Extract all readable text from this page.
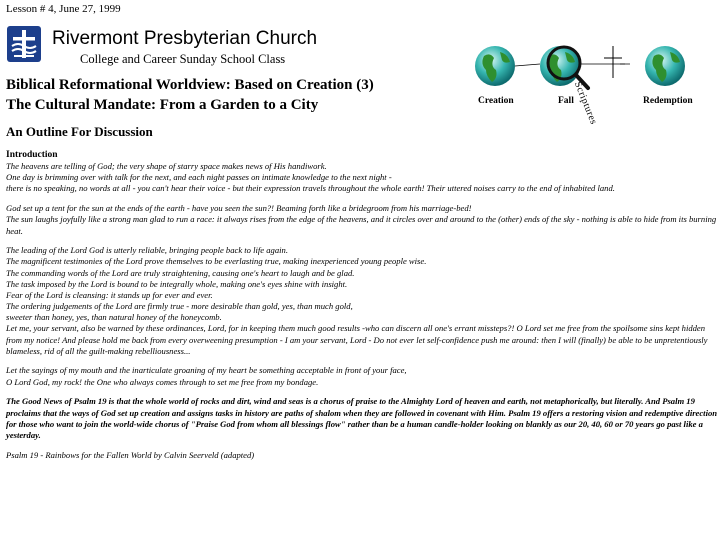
Lesson # 4, June 27, 1999
Rivermont Presbyterian Church
College and Career Sunday School Class
Biblical Reformational Worldview: Based on Creation (3)
The Cultural Mandate: From a Garden to a City	Creation	Fall	Redemption
Scriptures
An Outline For Discussion
Introduction

The heavens are telling of God; the very shape of starry space makes news of His handiwork.
One day is brimming over with talk for the next, and each night passes on intimate knowledge to the next night -
there is no speaking, no words at all - you can't hear their voice - but their expression travels throughout the whole earth! Their uttered noises carry to the end of inhabited land.

God set up a tent for the sun at the ends of the earth - have you seen the sun?! Beaming forth like a bridegroom from his marriage-bed!
The sun laughs joyfully like a strong man glad to run a race: it always rises from the edge of the heavens, and it circles over and around to the (other) ends of the sky - nothing is able to hide from its burning heat.

The leading of the Lord God is utterly reliable, bringing people back to life again.
The magnificent testimonies of the Lord prove themselves to be everlasting true, making inexperienced young people wise.
The commanding words of the Lord are truly straightening, causing one's heart to laugh and be glad.
The task imposed by the Lord is bound to be integrally whole, making one's eyes shine with insight.
Fear of the Lord is cleansing: it stands up for ever and ever.
The ordering judgements of the Lord are firmly true - more desirable than gold, yes, than much gold,
sweeter than honey, yes, than natural honey of the honeycomb.
Let me, your servant, also be warned by these ordinances, Lord, for in keeping them much good results -who can discern all one's errant missteps?! O Lord set me free from the spoilsome sins kept hidden from my notice! And please hold me back from every overweening presumption - I am your servant, Lord - Do not ever let self-confidence push me around: then I will (finally) be able to be unpretentiously blameless, rid of all the guilt-making rebelliousness...

Let the sayings of my mouth and the inarticulate groaning of my heart be something acceptable in front of your face,
O Lord God, my rock! the One who always comes through to set me free from my bondage.

The Good News of Psalm 19 is that the whole world of rocks and dirt, wind and seas is a chorus of praise to the Almighty Lord of heaven and earth, not metaphorically, but literally. And Psalm 19 proclaims that the ways of God set up creation and assigns tasks in history are paths of shalom when they are followed in covenant with Him. Psalm 19 offers a restoring vision and redemptive direction for those who want to join the world-wide chorus of "Praise God from whom all blessings flow" rather than be a human candle-holder looking on blankly as our 20, 40, 60 or 70 years go past like a yesterday.

Psalm 19 - Rainbows for the Fallen World by Calvin Seerveld (adapted)
